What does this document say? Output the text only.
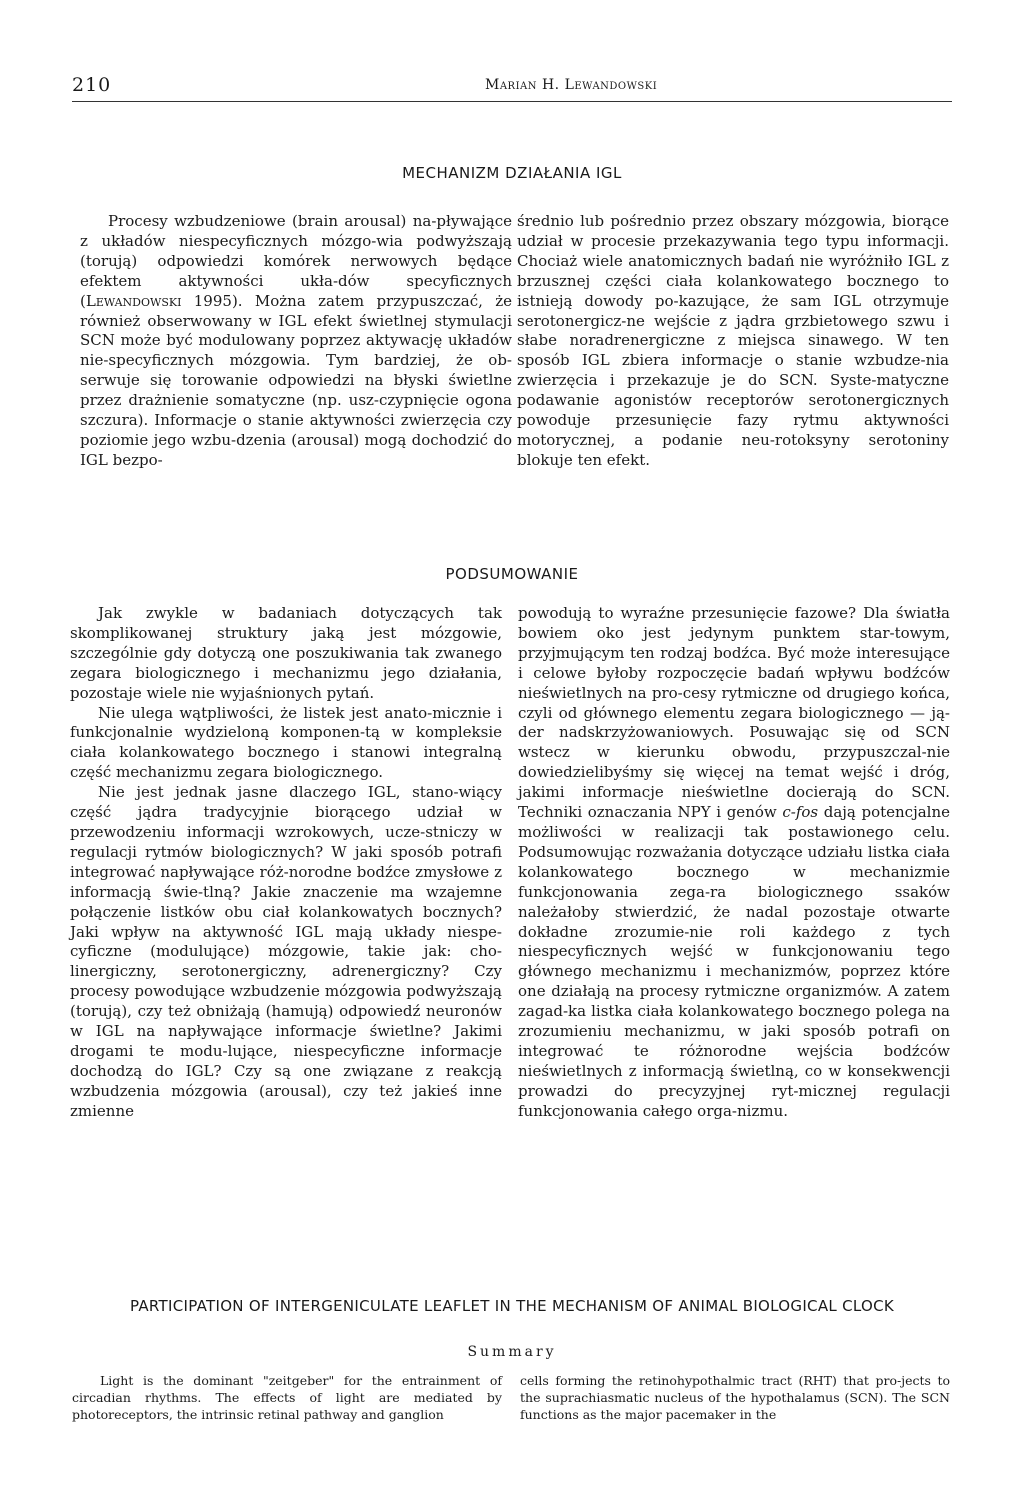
210	Marian H. Lewandowski
MECHANIZM DZIAŁANIA IGL

Procesy wzbudzeniowe (brain arousal) na-pływające z układów niespecyficznych mózgo-wia podwyższają (torują) odpowiedzi komórek nerwowych będące efektem aktywności ukła-dów specyficznych (Lewandowski 1995). Można zatem przypuszczać, że również obserwowany w IGL efekt świetlnej stymulacji SCN może być modulowany poprzez aktywację układów nie-specyficznych mózgowia. Tym bardziej, że ob-serwuje się torowanie odpowiedzi na błyski świetlne przez drażnienie somatyczne (np. usz-czypnięcie ogona szczura). Informacje o stanie aktywności zwierzęcia czy poziomie jego wzbu-dzenia (arousal) mogą dochodzić do IGL bezpo-

średnio lub pośrednio przez obszary mózgowia, biorące udział w procesie przekazywania tego typu informacji. Chociaż wiele anatomicznych badań nie wyróżniło IGL z brzusznej części ciała kolankowatego bocznego to istnieją dowody po-kazujące, że sam IGL otrzymuje serotonergicz-ne wejście z jądra grzbietowego szwu i słabe noradrenergiczne z miejsca sinawego. W ten sposób IGL zbiera informacje o stanie wzbudze-nia zwierzęcia i przekazuje je do SCN. Syste-matyczne podawanie agonistów receptorów serotonergicznych powoduje przesunięcie fazy rytmu aktywności motorycznej, a podanie neu-rotoksyny serotoniny blokuje ten efekt.

PODSUMOWANIE

Jak zwykle w badaniach dotyczących tak skomplikowanej struktury jaką jest mózgowie, szczególnie gdy dotyczą one poszukiwania tak zwanego zegara biologicznego i mechanizmu jego działania, pozostaje wiele nie wyjaśnionych pytań.

Nie ulega wątpliwości, że listek jest anato-micznie i funkcjonalnie wydzieloną komponen-tą w kompleksie ciała kolankowatego bocznego i stanowi integralną część mechanizmu zegara biologicznego.

Nie jest jednak jasne dlaczego IGL, stano-wiący część jądra tradycyjnie biorącego udział w przewodzeniu informacji wzrokowych, ucze-stniczy w regulacji rytmów biologicznych? W jaki sposób potrafi integrować napływające róż-norodne bodźce zmysłowe z informacją świe-tlną? Jakie znaczenie ma wzajemne połączenie listków obu ciał kolankowatych bocznych? Jaki wpływ na aktywność IGL mają układy niespe-cyficzne (modulujące) mózgowie, takie jak: cho-linergiczny, serotonergiczny, adrenergiczny? Czy procesy powodujące wzbudzenie mózgowia podwyższają (torują), czy też obniżają (hamują) odpowiedź neuronów w IGL na napływające informacje świetlne? Jakimi drogami te modu-lujące, niespecyficzne informacje dochodzą do IGL? Czy są one związane z reakcją wzbudzenia mózgowia (arousal), czy też jakieś inne zmienne

powodują to wyraźne przesunięcie fazowe? Dla światła bowiem oko jest jedynym punktem star-towym, przyjmującym ten rodzaj bodźca. Być może interesujące i celowe byłoby rozpoczęcie badań wpływu bodźców nieświetlnych na pro-cesy rytmiczne od drugiego końca, czyli od głównego elementu zegara biologicznego — ją-der nadskrzyżowaniowych. Posuwając się od SCN wstecz w kierunku obwodu, przypuszczal-nie dowiedzielibyśmy się więcej na temat wejść i dróg, jakimi informacje nieświetlne docierają do SCN. Techniki oznaczania NPY i genów c-fos dają potencjalne możliwości w realizacji tak postawionego celu. Podsumowując rozważania dotyczące udziału listka ciała kolankowatego bocznego w mechanizmie funkcjonowania zega-ra biologicznego ssaków należałoby stwierdzić, że nadal pozostaje otwarte dokładne zrozumie-nie roli każdego z tych niespecyficznych wejść w funkcjonowaniu tego głównego mechanizmu i mechanizmów, poprzez które one działają na procesy rytmiczne organizmów. A zatem zagad-ka listka ciała kolankowatego bocznego polega na zrozumieniu mechanizmu, w jaki sposób potrafi on integrować te różnorodne wejścia bodźców nieświetlnych z informacją świetlną, co w konsekwencji prowadzi do precyzyjnej ryt-micznej regulacji funkcjonowania całego orga-nizmu.

PARTICIPATION OF INTERGENICULATE LEAFLET IN THE MECHANISM OF ANIMAL BIOLOGICAL CLOCK
Summary

Light is the dominant "zeitgeber" for the entrainment of circadian rhythms. The effects of light are mediated by photoreceptors, the intrinsic retinal pathway and ganglion

cells forming the retinohypothalmic tract (RHT) that pro-jects to the suprachiasmatic nucleus of the hypothalamus (SCN). The SCN functions as the major pacemaker in the
